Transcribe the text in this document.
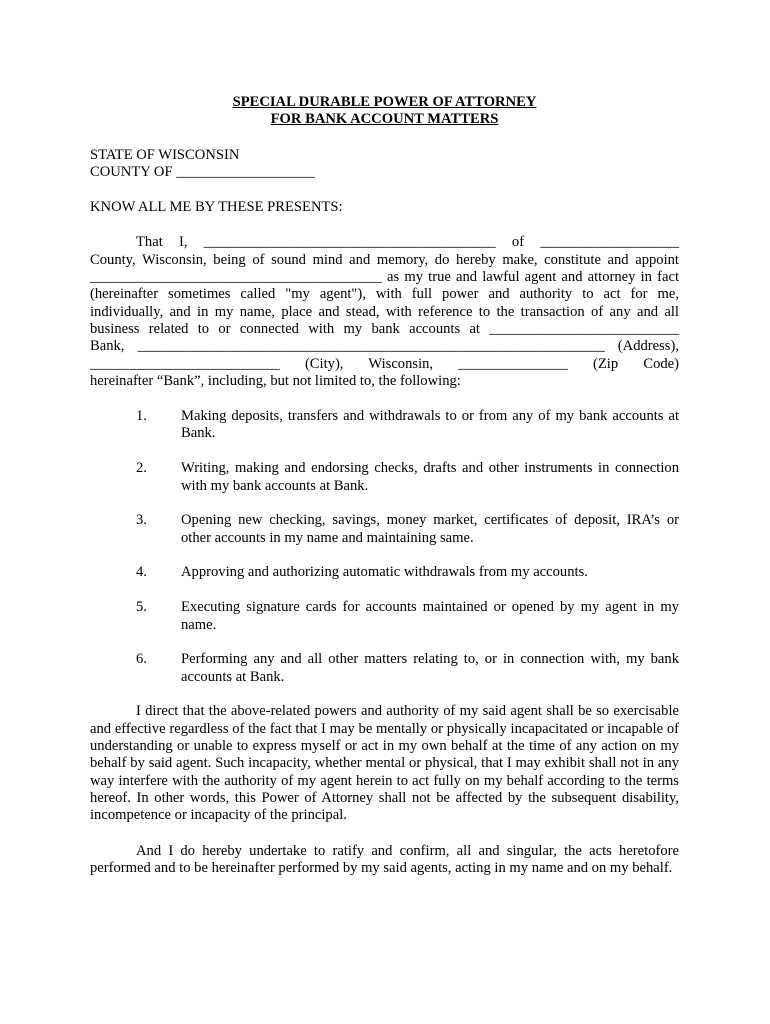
SPECIAL DURABLE POWER OF ATTORNEY

FOR BANK ACCOUNT MATTERS

STATE OF WISCONSIN

COUNTY OF ___________________

KNOW ALL ME BY THESE PRESENTS:

That I, ________________________________________ of ___________________

County, Wisconsin, being of sound mind and memory, do hereby make, constitute and appoint

________________________________________ as my true and lawful agent and attorney in fact

(hereinafter sometimes called "my agent"), with full power and authority to act for me,

individually, and in my name, place and stead, with reference to the transaction of any and all

business related to or connected with my bank accounts at __________________________

Bank, ________________________________________________________________ (Address),

__________________________ (City), Wisconsin, _______________ (Zip Code)

hereinafter “Bank”, including, but not limited to, the following:

1.	Making deposits, transfers and withdrawals to or from any of my bank accounts at Bank.
2.	Writing, making and endorsing checks, drafts and other instruments in connection with my bank accounts at Bank.
3.	Opening new checking, savings, money market, certificates of deposit, IRA’s or other accounts in my name and maintaining same.
4.	Approving and authorizing automatic withdrawals from my accounts.
5.	Executing signature cards for accounts maintained or opened by my agent in my name.
6.	Performing any and all other matters relating to, or in connection with, my bank accounts at Bank.

I direct that the above-related powers and authority of my said agent shall be so exercisable and effective regardless of the fact that I may be mentally or physically incapacitated or incapable of understanding or unable to express myself or act in my own behalf at the time of any action on my behalf by said agent. Such incapacity, whether mental or physical, that I may exhibit shall not in any way interfere with the authority of my agent herein to act fully on my behalf according to the terms hereof. In other words, this Power of Attorney shall not be affected by the subsequent disability, incompetence or incapacity of the principal.

And I do hereby undertake to ratify and confirm, all and singular, the acts heretofore performed and to be hereinafter performed by my said agents, acting in my name and on my behalf.
